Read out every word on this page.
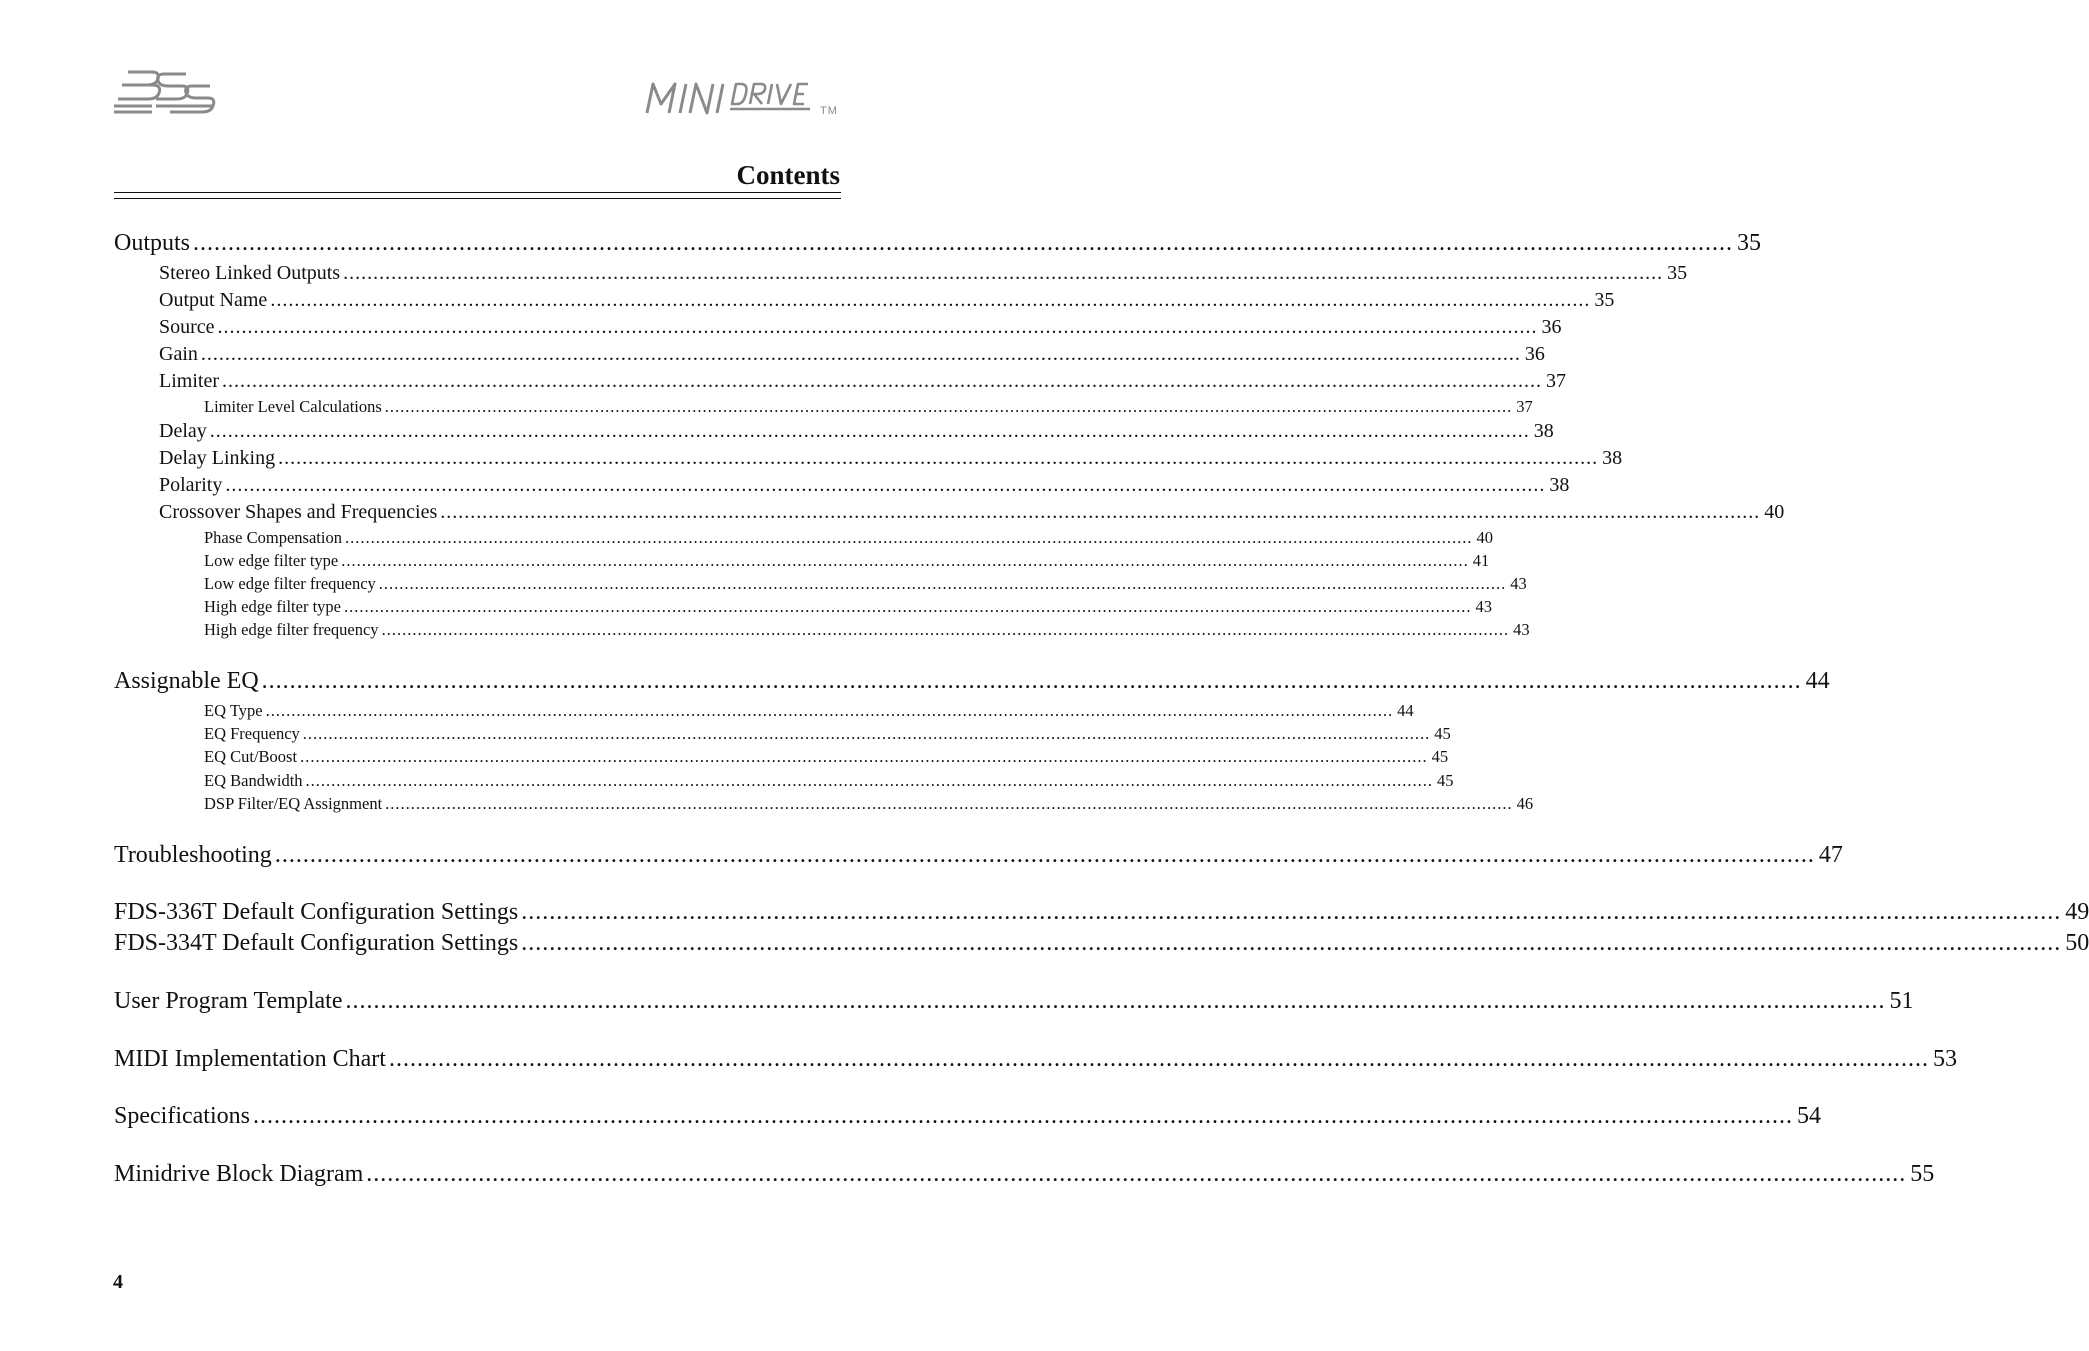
TM
Contents
Outputs ............................................................................................................................................................................................................................ 35
Stereo Linked Outputs ............................................................................................................................................................................................................................ 35
Output Name ............................................................................................................................................................................................................................ 35
Source ............................................................................................................................................................................................................................ 36
Gain ............................................................................................................................................................................................................................ 36
Limiter ............................................................................................................................................................................................................................ 37
Limiter Level Calculations ............................................................................................................................................................................................................................ 37
Delay ............................................................................................................................................................................................................................ 38
Delay Linking ............................................................................................................................................................................................................................ 38
Polarity ............................................................................................................................................................................................................................ 38
Crossover Shapes and Frequencies ............................................................................................................................................................................................................................ 40
Phase Compensation ............................................................................................................................................................................................................................ 40
Low edge filter type ............................................................................................................................................................................................................................ 41
Low edge filter frequency ............................................................................................................................................................................................................................ 43
High edge filter type ............................................................................................................................................................................................................................ 43
High edge filter frequency ............................................................................................................................................................................................................................ 43
Assignable EQ ............................................................................................................................................................................................................................ 44
EQ Type ............................................................................................................................................................................................................................ 44
EQ Frequency ............................................................................................................................................................................................................................ 45
EQ Cut/Boost ............................................................................................................................................................................................................................ 45
EQ Bandwidth ............................................................................................................................................................................................................................ 45
DSP Filter/EQ Assignment ............................................................................................................................................................................................................................ 46
Troubleshooting ............................................................................................................................................................................................................................ 47
FDS-336T Default Configuration Settings ............................................................................................................................................................................................................................ 49
FDS-334T Default Configuration Settings ............................................................................................................................................................................................................................ 50
User Program Template ............................................................................................................................................................................................................................ 51
MIDI Implementation Chart ............................................................................................................................................................................................................................ 53
Specifications ............................................................................................................................................................................................................................ 54
Minidrive Block Diagram ............................................................................................................................................................................................................................ 55
4
